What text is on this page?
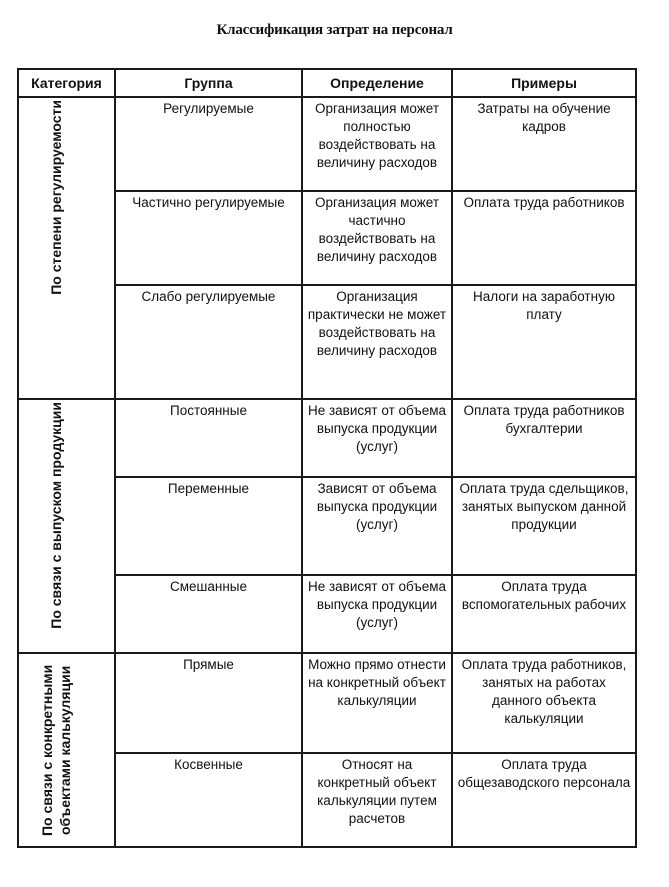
Классификация затрат на персонал
Категория	Группа	Определение	Примеры

По степени регулируемости	Регулируемые	Организация может полностью воздействовать на величину расходов	Затраты на обучение кадров

	Частично регулируемые	Организация может частично воздействовать на величину расходов	Оплата труда работников

	Слабо регулируемые	Организация практически не может воздействовать на величину расходов	Налоги на заработную плату

По связи с выпуском продукции	Постоянные	Не зависят от объема выпуска продукции (услуг)	Оплата труда работников бухгалтерии

	Переменные	Зависят от объема выпуска продукции (услуг)	Оплата труда сдельщиков, занятых выпуском данной продукции

	Смешанные	Не зависят от объема выпуска продукции (услуг)	Оплата труда вспомогательных рабочих

По связи с конкретными объектами калькуляции	Прямые	Можно прямо отнести на конкретный объект калькуляции	Оплата труда работников, занятых на работах данного объекта калькуляции

	Косвенные	Относят на конкретный объект калькуляции путем расчетов	Оплата труда общезаводского персонала
